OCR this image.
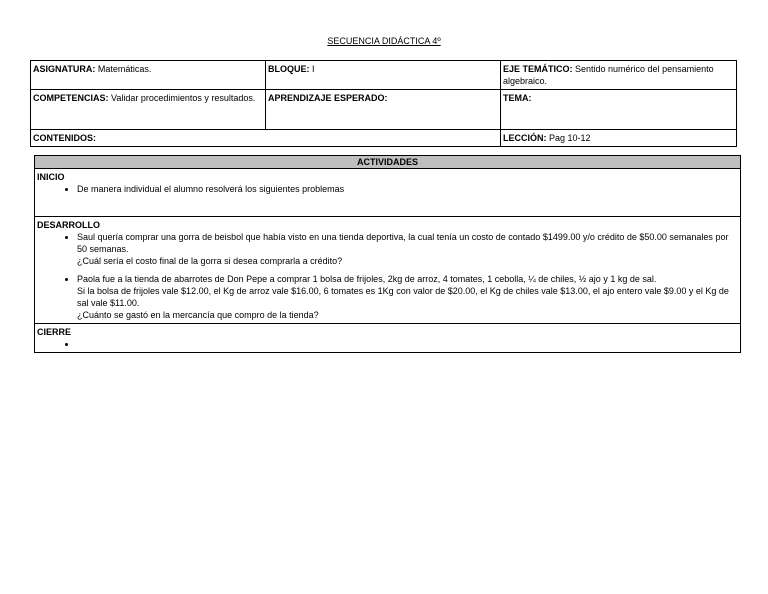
SECUENCIA DIDÁCTICA 4º
ASIGNATURA: Matemáticas.	BLOQUE: I	EJE TEMÁTICO: Sentido numérico del pensamiento algebraico.
COMPETENCIAS: Validar procedimientos y resultados.	APRENDIZAJE ESPERADO:	TEMA:
CONTENIDOS:		LECCIÓN: Pag 10-12
ACTIVIDADES

INICIO
• De manera individual el alumno resolverá los siguientes problemas

DESARROLLO
• Saul quería comprar una gorra de beisbol que había visto en una tienda deportiva, la cual tenía un costo de contado $1499.00 y/o crédito de $50.00 semanales por 50 semanas.
¿Cuál sería el costo final de la gorra si desea comprarla a crédito?
• Paola fue a la tienda de abarrotes de Don Pepe a comprar 1 bolsa de frijoles, 2kg de arroz, 4 tomates, 1 cebolla, ¼ de chiles, ½ ajo y 1 kg de sal.
Si la bolsa de frijoles vale $12.00, el Kg de arroz vale $16.00, 6 tomates es 1Kg con valor de $20.00, el Kg de chiles vale $13.00, el ajo entero vale $9.00 y el Kg de sal vale $11.00.
¿Cuánto se gastó en la mercancía que compro de la tienda?

CIERRE
•
